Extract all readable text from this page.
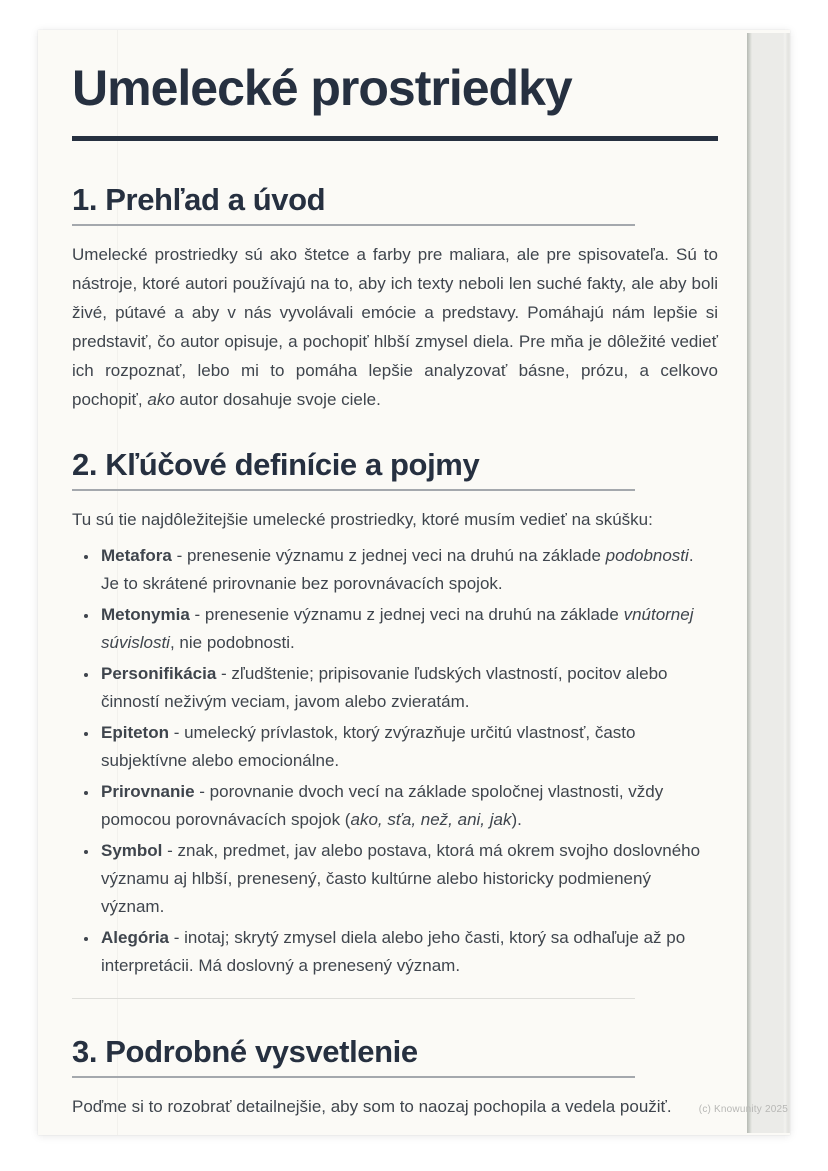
Umelecké prostriedky
1. Prehľad a úvod

Umelecké prostriedky sú ako štetce a farby pre maliara, ale pre spisovateľa. Sú to nástroje, ktoré autori používajú na to, aby ich texty neboli len suché fakty, ale aby boli živé, pútavé a aby v nás vyvolávali emócie a predstavy. Pomáhajú nám lepšie si predstaviť, čo autor opisuje, a pochopiť hlbší zmysel diela. Pre mňa je dôležité vedieť ich rozpoznať, lebo mi to pomáha lepšie analyzovať básne, prózu, a celkovo pochopiť, ako autor dosahuje svoje ciele.

2. Kľúčové definície a pojmy

Tu sú tie najdôležitejšie umelecké prostriedky, ktoré musím vedieť na skúšku:

• Metafora - prenesenie významu z jednej veci na druhú na základe podobnosti. Je to skrátené prirovnanie bez porovnávacích spojok.
• Metonymia - prenesenie významu z jednej veci na druhú na základe vnútornej súvislosti, nie podobnosti.
• Personifikácia - zľudštenie; pripisovanie ľudských vlastností, pocitov alebo činností neživým veciam, javom alebo zvieratám.
• Epiteton - umelecký prívlastok, ktorý zvýrazňuje určitú vlastnosť, často subjektívne alebo emocionálne.
• Prirovnanie - porovnanie dvoch vecí na základe spoločnej vlastnosti, vždy pomocou porovnávacích spojok (ako, sťa, než, ani, jak).
• Symbol - znak, predmet, jav alebo postava, ktorá má okrem svojho doslovného významu aj hlbší, prenesený, často kultúrne alebo historicky podmienený význam.
• Alegória - inotaj; skrytý zmysel diela alebo jeho časti, ktorý sa odhaľuje až po interpretácii. Má doslovný a prenesený význam.
3. Podrobné vysvetlenie

Poďme si to rozobrať detailnejšie, aby som to naozaj pochopila a vedela použiť.	(c) Knowunity 2025
